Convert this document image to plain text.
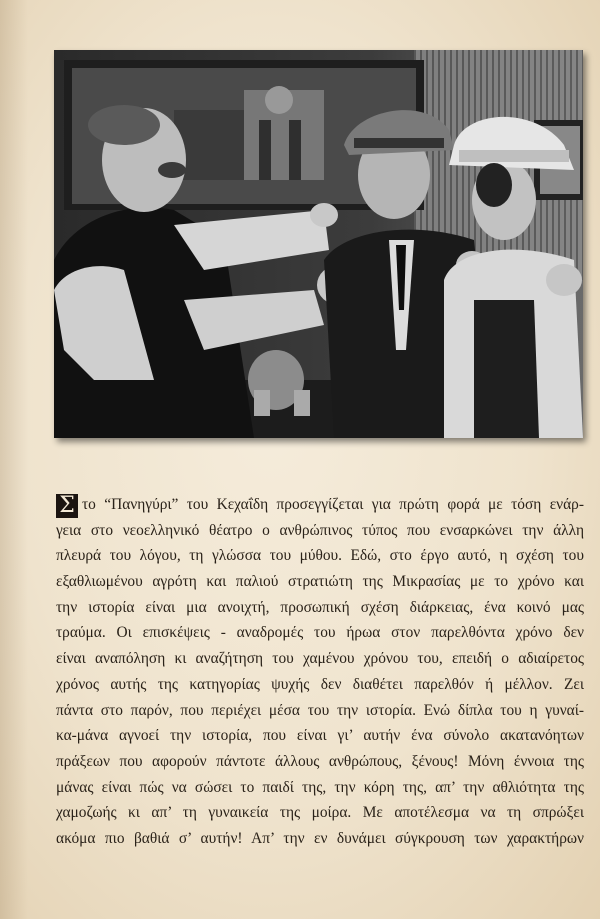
Σ το “Πανηγύρι” του Κεχαΐδη προσεγγίζεται για πρώτη φορά με τόση ενάρ-
γεια στο νεοελληνικό θέατρο ο ανθρώπινος τύπος που ενσαρκώνει την άλλη
πλευρά του λόγου, τη γλώσσα του μύθου. Εδώ, στο έργο αυτό, η σχέση του
εξαθλιωμένου αγρότη και παλιού στρατιώτη της Μικρασίας με το χρόνο και
την ιστορία είναι μια ανοιχτή, προσωπική σχέση διάρκειας, ένα κοινό μας
τραύμα. Οι επισκέψεις - αναδρομές του ήρωα στον παρελθόντα χρόνο δεν
είναι αναπόληση κι αναζήτηση του χαμένου χρόνου του, επειδή ο αδιαίρετος
χρόνος αυτής της κατηγορίας ψυχής δεν διαθέτει παρελθόν ή μέλλον. Ζει
πάντα στο παρόν, που περιέχει μέσα του την ιστορία. Ενώ δίπλα του η γυναί-
κα-μάνα αγνοεί την ιστορία, που είναι γι’ αυτήν ένα σύνολο ακατανόητων
πράξεων που αφορούν πάντοτε άλλους ανθρώπους, ξένους! Μόνη έννοια της
μάνας είναι πώς να σώσει το παιδί της, την κόρη της, απ’ την αθλιότητα της
χαμοζωής κι απ’ τη γυναικεία της μοίρα. Με αποτέλεσμα να τη σπρώξει
ακόμα πιο βαθιά σ’ αυτήν! Απ’ την εν δυνάμει σύγκρουση των χαρακτήρων
